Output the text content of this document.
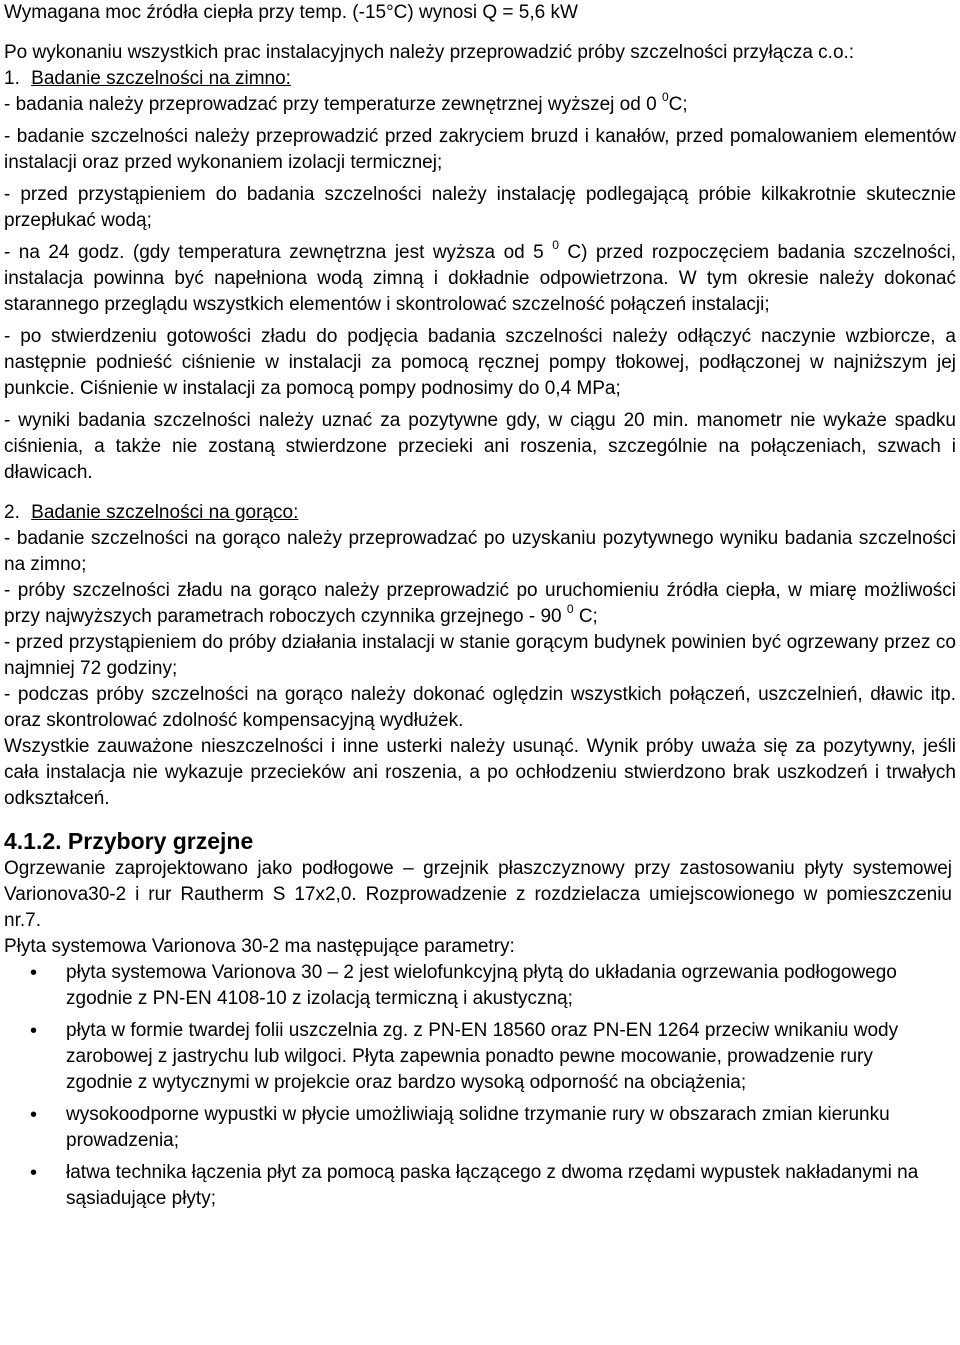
Wymagana moc źródła ciepła przy temp. (-15°C) wynosi Q = 5,6 kW

Po wykonaniu wszystkich prac instalacyjnych należy przeprowadzić próby szczelności przyłącza c.o.:

1. Badanie szczelności na zimno:

- badania należy przeprowadzać przy temperaturze zewnętrznej wyższej od 0 $^0$C;

- badanie szczelności należy przeprowadzić przed zakryciem bruzd i kanałów, przed pomalowaniem elementów instalacji oraz przed wykonaniem izolacji termicznej;

- przed przystąpieniem do badania szczelności należy instalację podlegającą próbie kilkakrotnie skutecznie przepłukać wodą;

- na 24 godz. (gdy temperatura zewnętrzna jest wyższa od 5 $^0$ C) przed rozpoczęciem badania szczelności, instalacja powinna być napełniona wodą zimną i dokładnie odpowietrzona. W tym okresie należy dokonać starannego przeglądu wszystkich elementów i skontrolować szczelność połączeń instalacji;

- po stwierdzeniu gotowości zładu do podjęcia badania szczelności należy odłączyć naczynie wzbiorcze, a następnie podnieść ciśnienie w instalacji za pomocą ręcznej pompy tłokowej, podłączonej w najniższym jej punkcie. Ciśnienie w instalacji za pomocą pompy podnosimy do 0,4 MPa;

- wyniki badania szczelności należy uznać za pozytywne gdy, w ciągu 20 min. manometr nie wykaże spadku ciśnienia, a także nie zostaną stwierdzone przecieki ani roszenia, szczególnie na połączeniach, szwach i dławicach.

2. Badanie szczelności na gorąco:

- badanie szczelności na gorąco należy przeprowadzać po uzyskaniu pozytywnego wyniku badania szczelności na zimno;

- próby szczelności zładu na gorąco należy przeprowadzić po uruchomieniu źródła ciepła, w miarę możliwości przy najwyższych parametrach roboczych czynnika grzejnego - 90 $^0$ C;

- przed przystąpieniem do próby działania instalacji w stanie gorącym budynek powinien być ogrzewany przez co najmniej 72 godziny;

- podczas próby szczelności na gorąco należy dokonać oględzin wszystkich połączeń, uszczelnień, dławic itp. oraz skontrolować zdolność kompensacyjną wydłużek.

Wszystkie zauważone nieszczelności i inne usterki należy usunąć. Wynik próby uważa się za pozytywny, jeśli cała instalacja nie wykazuje przecieków ani roszenia, a po ochłodzeniu stwierdzono brak uszkodzeń i trwałych odkształceń.

4.1.2. Przybory grzejne

Ogrzewanie zaprojektowano jako podłogowe – grzejnik płaszczyznowy przy zastosowaniu płyty systemowej Varionova30-2 i rur Rautherm S 17x2,0. Rozprowadzenie z rozdzielacza umiejscowionego w pomieszczeniu nr.7.

Płyta systemowa Varionova 30-2 ma następujące parametry:

• płyta systemowa Varionova 30 – 2 jest wielofunkcyjną płytą do układania ogrzewania podłogowego zgodnie z PN-EN 4108-10 z izolacją termiczną i akustyczną;
• płyta w formie twardej folii uszczelnia zg. z PN-EN 18560 oraz PN-EN 1264 przeciw wnikaniu wody zarobowej z jastrychu lub wilgoci. Płyta zapewnia ponadto pewne mocowanie, prowadzenie rury zgodnie z wytycznymi w projekcie oraz bardzo wysoką odporność na obciążenia;
• wysokoodporne wypustki w płycie umożliwiają solidne trzymanie rury w obszarach zmian kierunku prowadzenia;
• łatwa technika łączenia płyt za pomocą paska łączącego z dwoma rzędami wypustek nakładanymi na sąsiadujące płyty;
